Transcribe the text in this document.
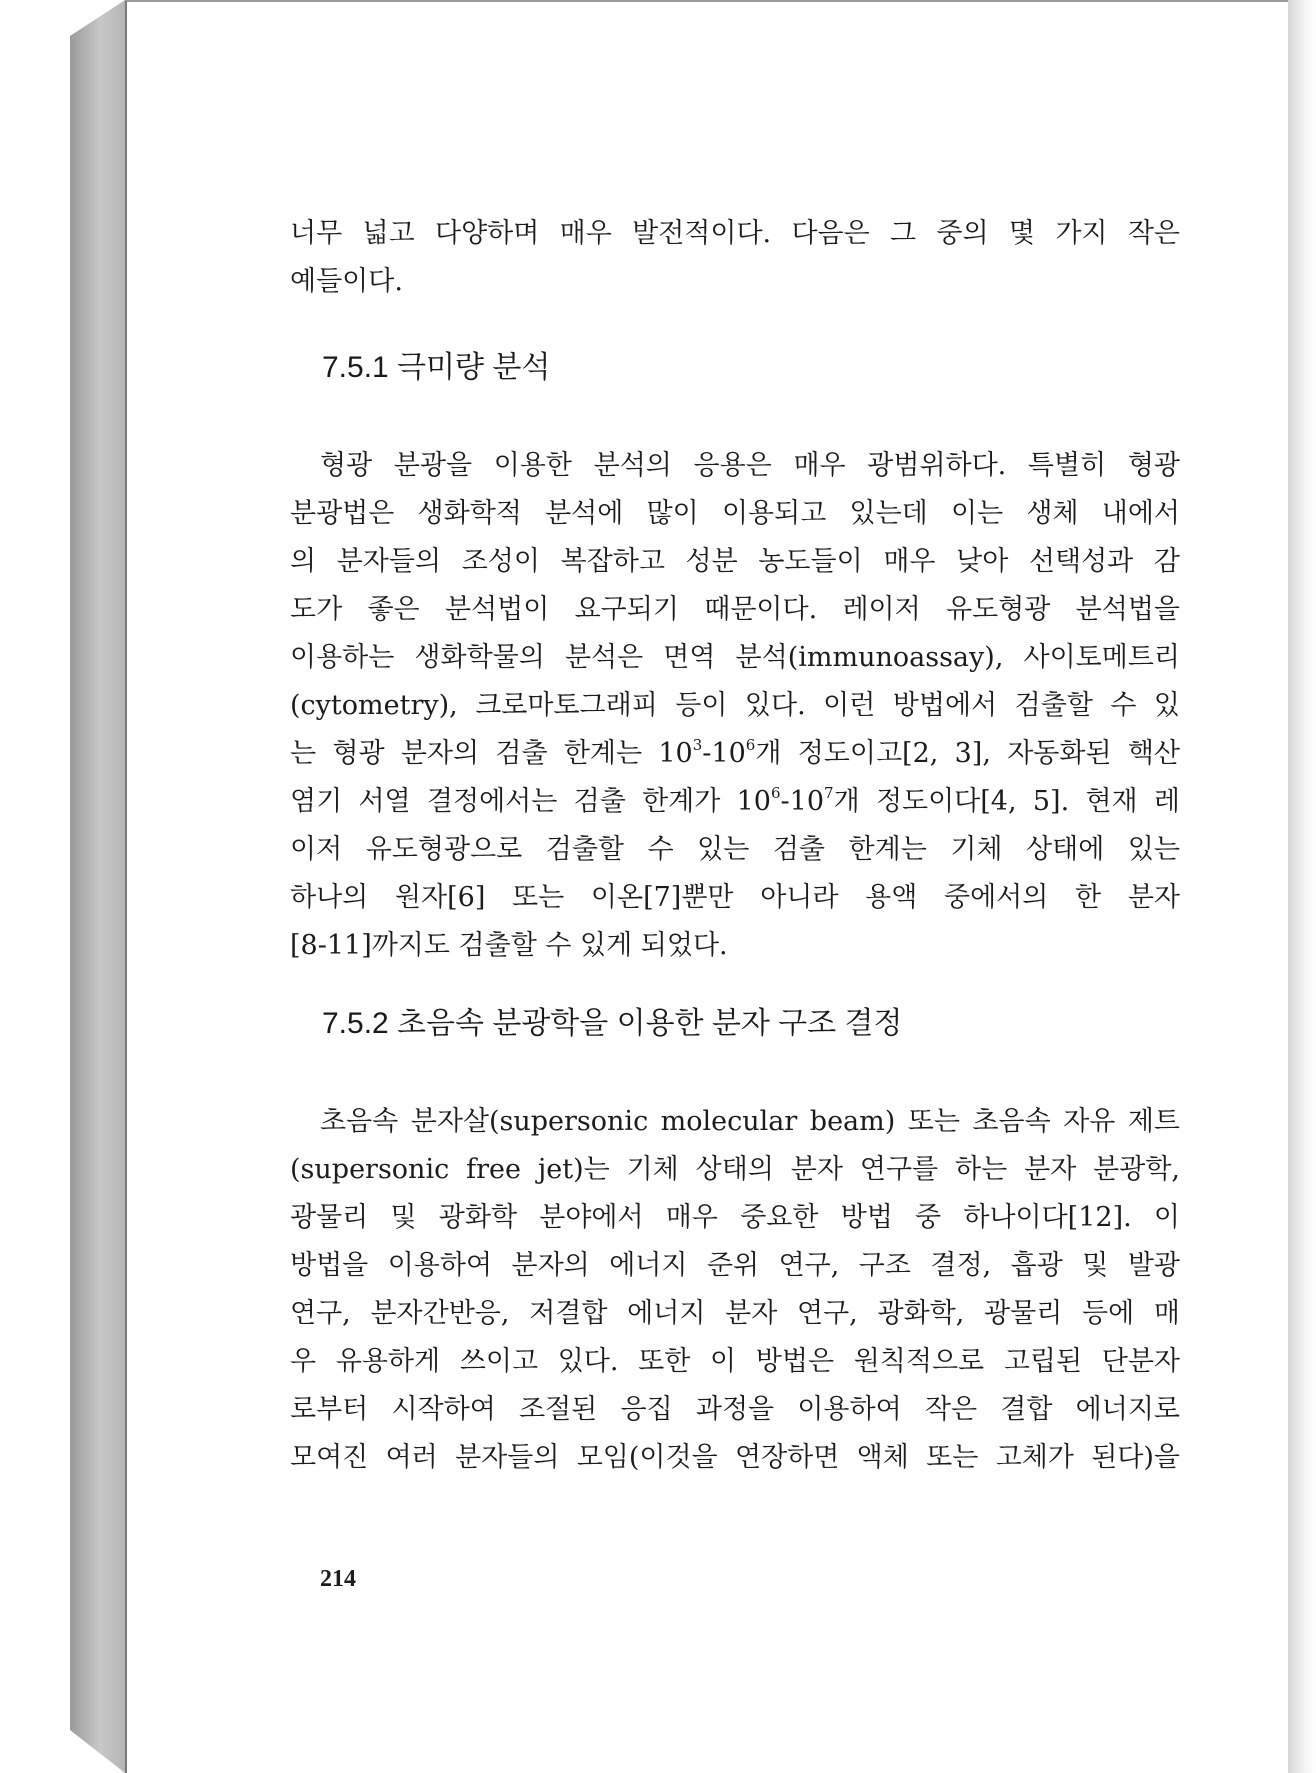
너무 넓고 다양하며 매우 발전적이다. 다음은 그 중의 몇 가지 작은
예들이다.
7.5.1 극미량 분석
형광 분광을 이용한 분석의 응용은 매우 광범위하다. 특별히 형광
분광법은 생화학적 분석에 많이 이용되고 있는데 이는 생체 내에서
의 분자들의 조성이 복잡하고 성분 농도들이 매우 낮아 선택성과 감
도가 좋은 분석법이 요구되기 때문이다. 레이저 유도형광 분석법을
이용하는 생화학물의 분석은 면역 분석(immunoassay), 사이토메트리
(cytometry), 크로마토그래피 등이 있다. 이런 방법에서 검출할 수 있
는 형광 분자의 검출 한계는 $10^3-10^6$개 정도이고[2, 3], 자동화된 핵산
염기 서열 결정에서는 검출 한계가 $10^6-10^7$개 정도이다[4, 5]. 현재 레
이저 유도형광으로 검출할 수 있는 검출 한계는 기체 상태에 있는
하나의 원자[6] 또는 이온[7]뿐만 아니라 용액 중에서의 한 분자
[8-11]까지도 검출할 수 있게 되었다.
7.5.2 초음속 분광학을 이용한 분자 구조 결정
초음속 분자살(supersonic molecular beam) 또는 초음속 자유 제트
(supersonic free jet)는 기체 상태의 분자 연구를 하는 분자 분광학,
광물리 및 광화학 분야에서 매우 중요한 방법 중 하나이다[12]. 이
방법을 이용하여 분자의 에너지 준위 연구, 구조 결정, 흡광 및 발광
연구, 분자간반응, 저결합 에너지 분자 연구, 광화학, 광물리 등에 매
우 유용하게 쓰이고 있다. 또한 이 방법은 원칙적으로 고립된 단분자
로부터 시작하여 조절된 응집 과정을 이용하여 작은 결합 에너지로
모여진 여러 분자들의 모임(이것을 연장하면 액체 또는 고체가 된다)을
214
